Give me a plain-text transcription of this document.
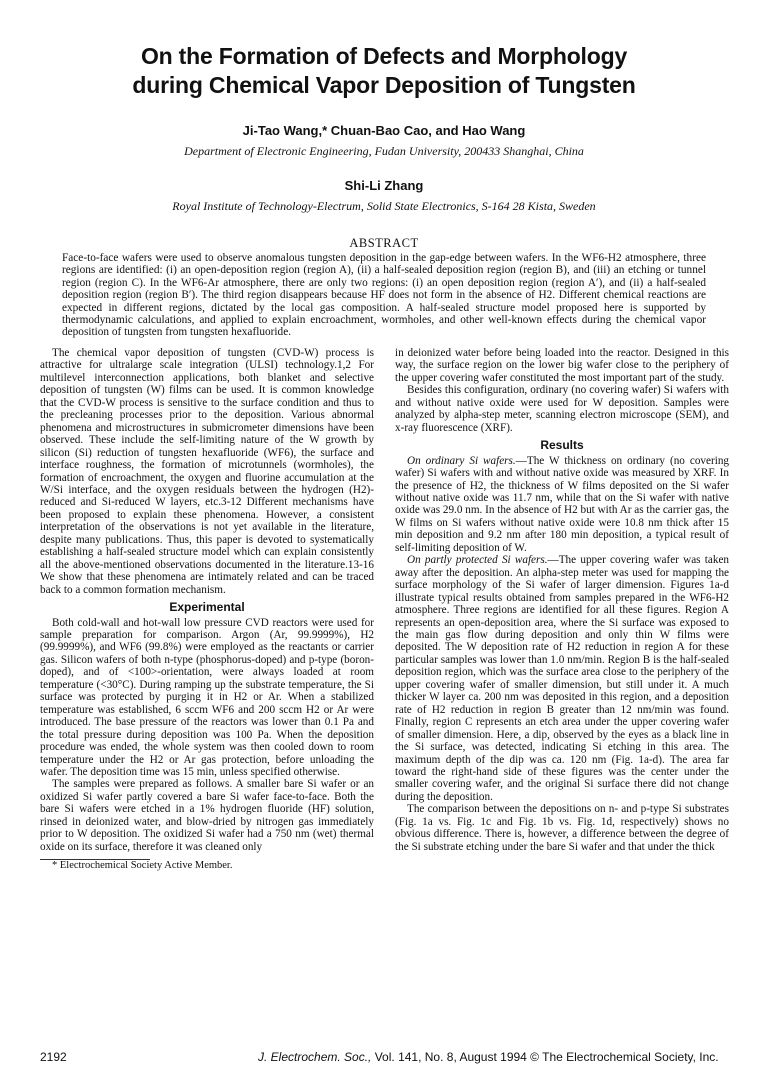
On the Formation of Defects and Morphology
during Chemical Vapor Deposition of Tungsten
Ji-Tao Wang,* Chuan-Bao Cao, and Hao Wang
Department of Electronic Engineering, Fudan University, 200433 Shanghai, China
Shi-Li Zhang
Royal Institute of Technology-Electrum, Solid State Electronics, S-164 28 Kista, Sweden
ABSTRACT
Face-to-face wafers were used to observe anomalous tungsten deposition in the gap-edge between wafers. In the WF6-H2 atmosphere, three regions are identified: (i) an open-deposition region (region A), (ii) a half-sealed deposition region (region B), and (iii) an etching or tunnel region (region C). In the WF6-Ar atmosphere, there are only two regions: (i) an open deposition region (region A′), and (ii) a half-sealed deposition region (region B′). The third region disappears because HF does not form in the absence of H2. Different chemical reactions are expected in different regions, dictated by the local gas composition. A half-sealed structure model proposed here is supported by thermodynamic calculations, and applied to explain encroachment, wormholes, and other well-known effects during the chemical vapor deposition of tungsten from tungsten hexafluoride.

The chemical vapor deposition of tungsten (CVD-W) process is attractive for ultralarge scale integration (ULSI) technology.1,2 For multilevel interconnection applications, both blanket and selective deposition of tungsten (W) films can be used. It is common knowledge that the CVD-W process is sensitive to the surface condition and thus to the precleaning processes prior to the deposition. Various abnormal phenomena and microstructures in submicrometer dimensions have been observed. These include the self-limiting nature of the W growth by silicon (Si) reduction of tungsten hexafluoride (WF6), the surface and interface roughness, the formation of microtunnels (wormholes), the formation of encroachment, the oxygen and fluorine accumulation at the W/Si interface, and the oxygen residuals between the hydrogen (H2)-reduced and Si-reduced W layers, etc.3-12 Different mechanisms have been proposed to explain these phenomena. However, a consistent interpretation of the observations is not yet available in the literature, despite many publications. Thus, this paper is devoted to systematically establishing a half-sealed structure model which can explain consistently all the above-mentioned observations documented in the literature.13-16 We show that these phenomena are intimately related and can be traced back to a common formation mechanism.

Experimental

Both cold-wall and hot-wall low pressure CVD reactors were used for sample preparation for comparison. Argon (Ar, 99.9999%), H2 (99.9999%), and WF6 (99.8%) were employed as the reactants or carrier gas. Silicon wafers of both n-type (phosphorus-doped) and p-type (boron-doped), and of <100>-orientation, were always loaded at room temperature (<30°C). During ramping up the substrate temperature, the Si surface was protected by purging it in H2 or Ar. When a stabilized temperature was established, 6 sccm WF6 and 200 sccm H2 or Ar were introduced. The base pressure of the reactors was lower than 0.1 Pa and the total pressure during deposition was 100 Pa. When the deposition procedure was ended, the whole system was then cooled down to room temperature under the H2 or Ar gas protection, before unloading the wafer. The deposition time was 15 min, unless specified otherwise.

The samples were prepared as follows. A smaller bare Si wafer or an oxidized Si wafer partly covered a bare Si wafer face-to-face. Both the bare Si wafers were etched in a 1% hydrogen fluoride (HF) solution, rinsed in deionized water, and blow-dried by nitrogen gas immediately prior to W deposition. The oxidized Si wafer had a 750 nm (wet) thermal oxide on its surface, therefore it was cleaned only

* Electrochemical Society Active Member.

in deionized water before being loaded into the reactor. Designed in this way, the surface region on the lower big wafer close to the periphery of the upper covering wafer constituted the most important part of the study.

Besides this configuration, ordinary (no covering wafer) Si wafers with and without native oxide were used for W deposition. Samples were analyzed by alpha-step meter, scanning electron microscope (SEM), and x-ray fluorescence (XRF).

Results

On ordinary Si wafers.—The W thickness on ordinary (no covering wafer) Si wafers with and without native oxide was measured by XRF. In the presence of H2, the thickness of W films deposited on the Si wafer without native oxide was 11.7 nm, while that on the Si wafer with native oxide was 29.0 nm. In the absence of H2 but with Ar as the carrier gas, the W films on Si wafers without native oxide were 10.8 nm thick after 15 min deposition and 9.2 nm after 180 min deposition, a typical result of self-limiting deposition of W.

On partly protected Si wafers.—The upper covering wafer was taken away after the deposition. An alpha-step meter was used for mapping the surface morphology of the Si wafer of larger dimension. Figures 1a-d illustrate typical results obtained from samples prepared in the WF6-H2 atmosphere. Three regions are identified for all these figures. Region A represents an open-deposition area, where the Si surface was exposed to the main gas flow during deposition and only thin W films were deposited. The W deposition rate of H2 reduction in region A for these particular samples was lower than 1.0 nm/min. Region B is the half-sealed deposition region, which was the surface area close to the periphery of the upper covering wafer of smaller dimension, but still under it. A much thicker W layer ca. 200 nm was deposited in this region, and a deposition rate of H2 reduction in region B greater than 12 nm/min was found. Finally, region C represents an etch area under the upper covering wafer of smaller dimension. Here, a dip, observed by the eyes as a black line in the Si surface, was detected, indicating Si etching in this area. The maximum depth of the dip was ca. 120 nm (Fig. 1a-d). The area far toward the right-hand side of these figures was the center under the smaller covering wafer, and the original Si surface there did not change during the deposition.

The comparison between the depositions on n- and p-type Si substrates (Fig. 1a vs. Fig. 1c and Fig. 1b vs. Fig. 1d, respectively) shows no obvious difference. There is, however, a difference between the degree of the Si substrate etching under the bare Si wafer and that under the thick

2192	J. Electrochem. Soc., Vol. 141, No. 8, August 1994 © The Electrochemical Society, Inc.
